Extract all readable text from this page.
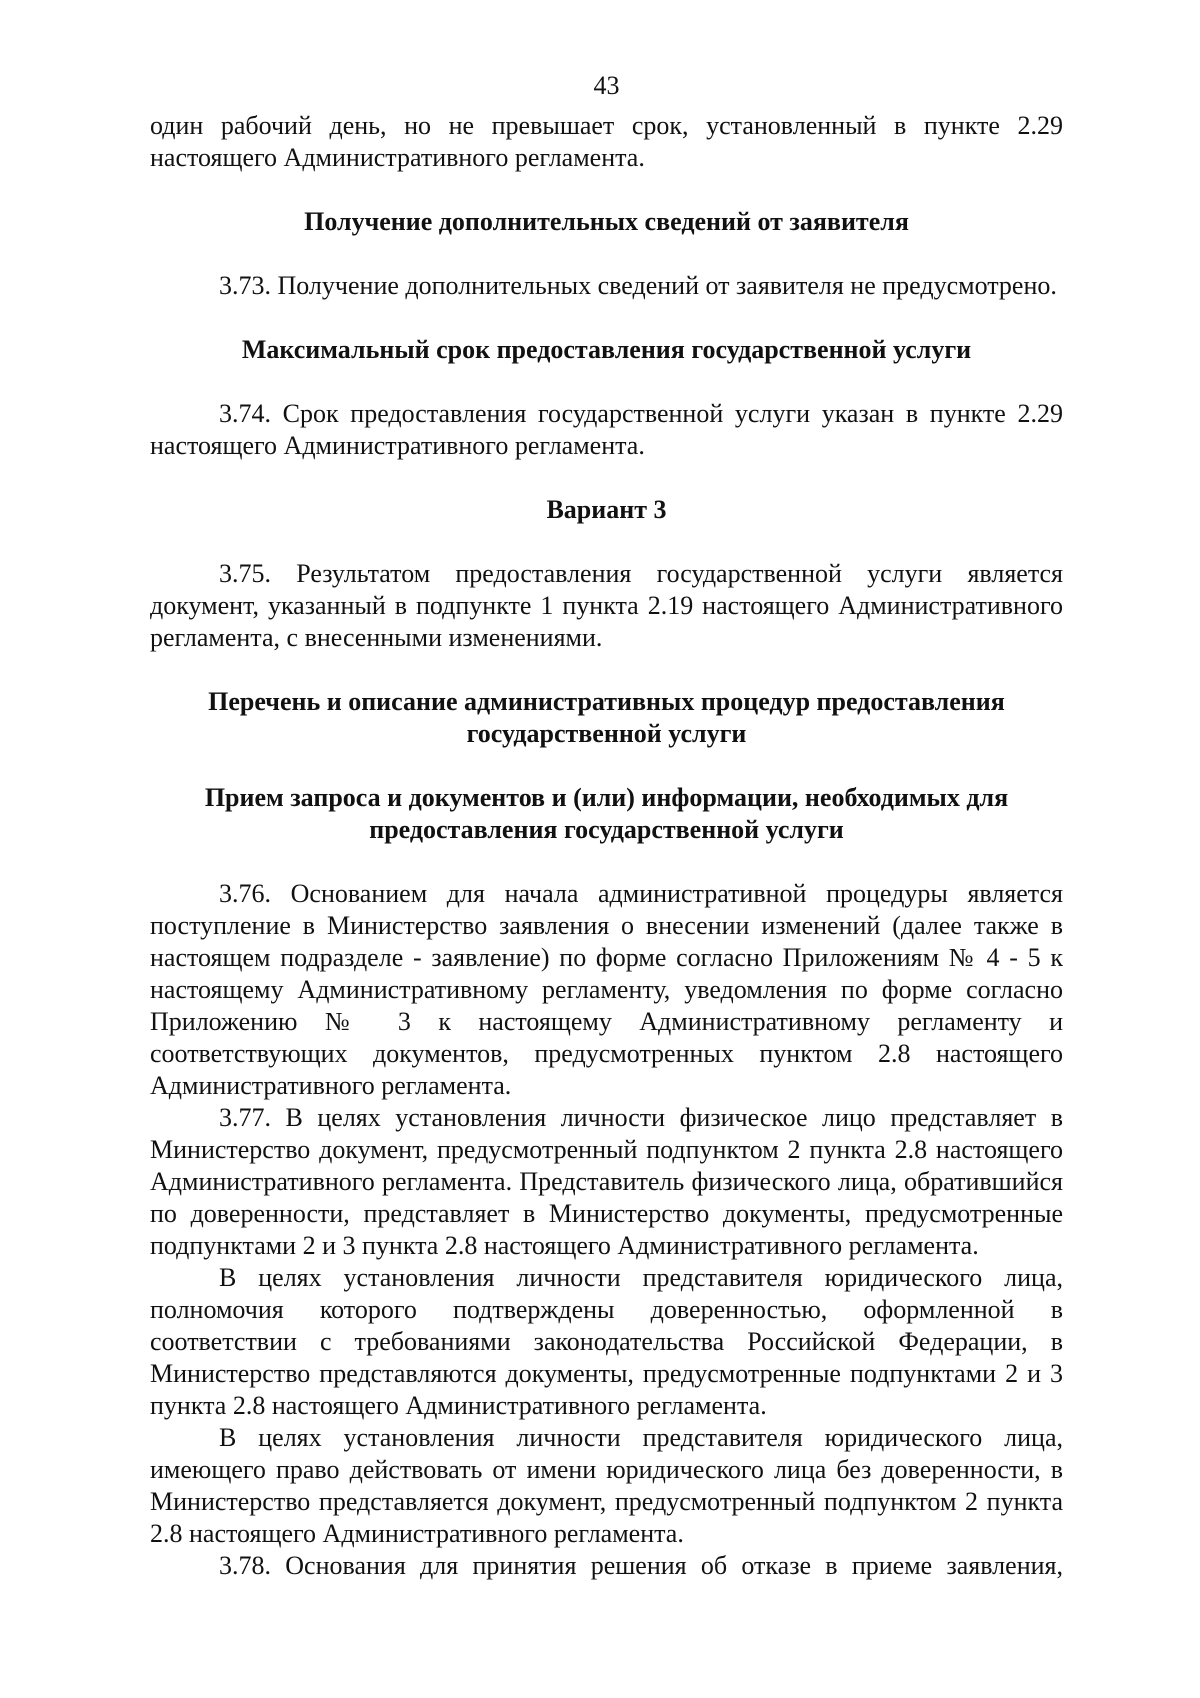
43

один рабочий день, но не превышает срок, установленный в пункте 2.29 настоящего Административного регламента.

Получение дополнительных сведений от заявителя

3.73. Получение дополнительных сведений от заявителя не предусмотрено.

Максимальный срок предоставления государственной услуги

3.74. Срок предоставления государственной услуги указан в пункте 2.29 настоящего Административного регламента.

Вариант 3

3.75. Результатом предоставления государственной услуги является документ, указанный в подпункте 1 пункта 2.19 настоящего Административного регламента, с внесенными изменениями.

Перечень и описание административных процедур предоставления государственной услуги
Прием запроса и документов и (или) информации, необходимых для предоставления государственной услуги

3.76. Основанием для начала административной процедуры является поступление в Министерство заявления о внесении изменений (далее также в настоящем подразделе - заявление) по форме согласно Приложениям № 4 - 5 к настоящему Административному регламенту, уведомления по форме согласно Приложению № 3 к настоящему Административному регламенту и соответствующих документов, предусмотренных пунктом 2.8 настоящего Административного регламента.

3.77. В целях установления личности физическое лицо представляет в Министерство документ, предусмотренный подпунктом 2 пункта 2.8 настоящего Административного регламента. Представитель физического лица, обратившийся по доверенности, представляет в Министерство документы, предусмотренные подпунктами 2 и 3 пункта 2.8 настоящего Административного регламента.

В целях установления личности представителя юридического лица, полномочия которого подтверждены доверенностью, оформленной в соответствии с требованиями законодательства Российской Федерации, в Министерство представляются документы, предусмотренные подпунктами 2 и 3 пункта 2.8 настоящего Административного регламента.

В целях установления личности представителя юридического лица, имеющего право действовать от имени юридического лица без доверенности, в Министерство представляется документ, предусмотренный подпунктом 2 пункта 2.8 настоящего Административного регламента.

3.78. Основания для принятия решения об отказе в приеме заявления,
